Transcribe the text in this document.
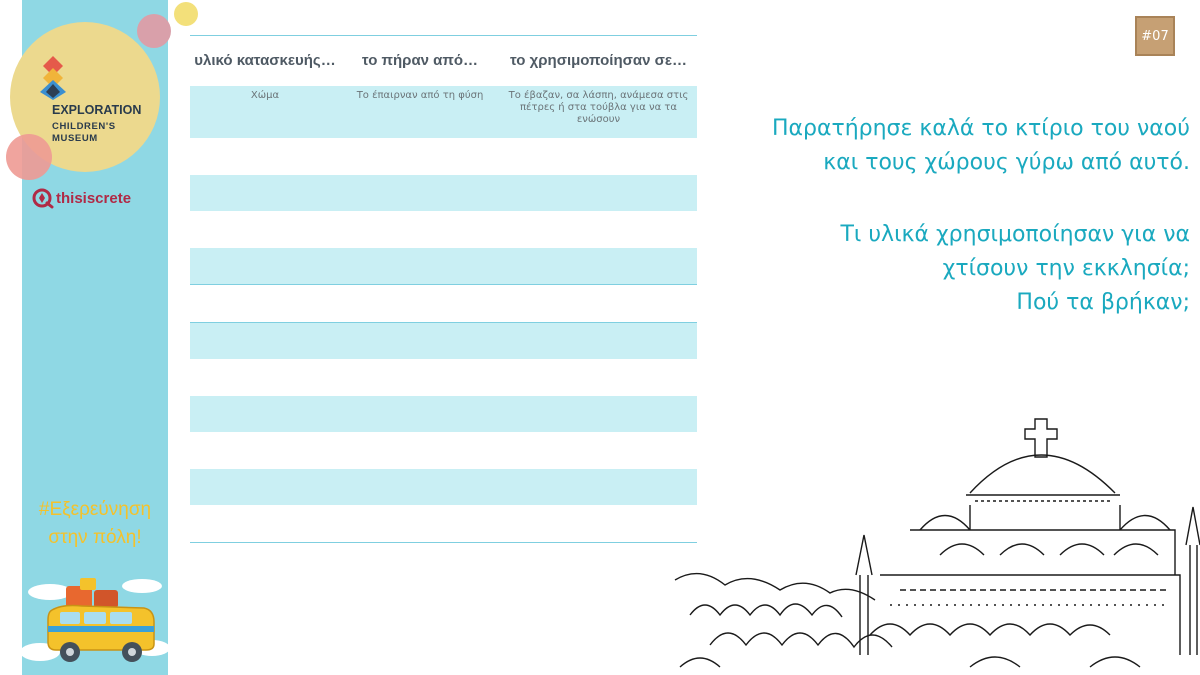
EXPLORATION
CHILDREN'S
MUSEUM
thisiscrete
#Εξερεύνηση
στην πόλη!
υλικό κατασκευής…	το πήραν από…	το χρησιμοποίησαν σε…
Χώμα	Το έπαιρναν από τη φύση	Το έβαζαν, σα λάσπη, ανάμεσα στις πέτρες ή στα τούβλα για να τα ενώσουν

#07
Παρατήρησε καλά το κτίριο του ναού
και τους χώρους γύρω από αυτό.
Τι υλικά χρησιμοποίησαν για να
χτίσουν την εκκλησία;
Πού τα βρήκαν;
